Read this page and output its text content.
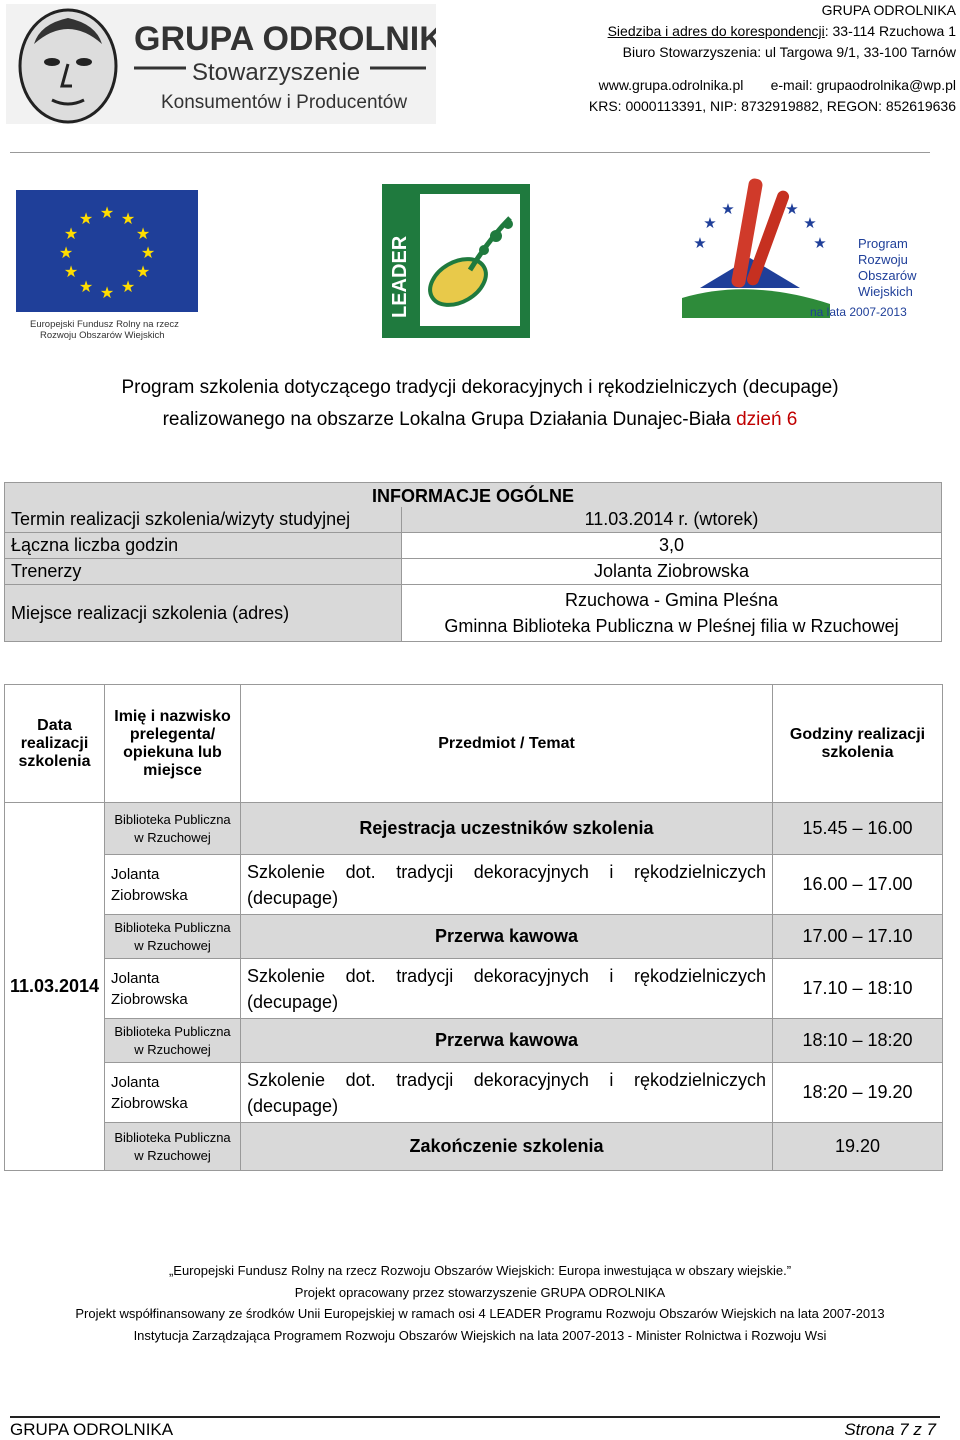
GRUPA ODROLNIKA
Stowarzyszenie
Konsumentów i Producentów
GRUPA ODROLNIKA
Siedziba i adres do korespondencji: 33-114 Rzuchowa 1
Biuro Stowarzyszenia: ul Targowa 9/1, 33-100 Tarnów
www.grupa.odrolnika.pl e-mail: grupaodrolnika@wp.pl
KRS: 0000113391, NIP: 8732919882, REGON: 852619636
★ ★
★
★
★
★
★
★
★
★
★
★
Europejski Fundusz Rolny na rzecz
Rozwoju Obszarów Wiejskich
LEADER	★
★
★	★
★
★ Program
Rozwoju
Obszarów
Wiejskich
na lata 2007-2013
Program szkolenia dotyczącego tradycji dekoracyjnych i rękodzielniczych (decupage)
realizowanego na obszarze Lokalna Grupa Działania Dunajec-Biała dzień 6
INFORMACJE OGÓLNE	
Termin realizacji szkolenia/wizyty studyjnej	11.03.2014 r. (wtorek)
Łączna liczba godzin	3,0
Trenerzy	Jolanta Ziobrowska
Miejsce realizacji szkolenia (adres)	Rzuchowa - Gmina Pleśna
Gminna Biblioteka Publiczna w Pleśnej filia w Rzuchowej
Data realizacji szkolenia	Imię i nazwisko prelegenta/ opiekuna lub miejsce	Przedmiot / Temat	Godziny realizacji szkolenia
11.03.2014	Biblioteka Publiczna w Rzuchowej	Rejestracja uczestników szkolenia	15.45 – 16.00
	Jolanta Ziobrowska	Szkolenie dot. tradycji dekoracyjnych i rękodzielniczych
(decupage)	16.00 – 17.00
	Biblioteka Publiczna w Rzuchowej	Przerwa kawowa	17.00 – 17.10
	Jolanta Ziobrowska	Szkolenie dot. tradycji dekoracyjnych i rękodzielniczych
(decupage)	17.10 – 18:10
	Biblioteka Publiczna w Rzuchowej	Przerwa kawowa	18:10 – 18:20
	Jolanta Ziobrowska	Szkolenie dot. tradycji dekoracyjnych i rękodzielniczych
(decupage)	18:20 – 19.20
	Biblioteka Publiczna w Rzuchowej	Zakończenie szkolenia	19.20
„Europejski Fundusz Rolny na rzecz Rozwoju Obszarów Wiejskich: Europa inwestująca w obszary wiejskie.”
Projekt opracowany przez stowarzyszenie GRUPA ODROLNIKA
Projekt współfinansowany ze środków Unii Europejskiej w ramach osi 4 LEADER Programu Rozwoju Obszarów Wiejskich na lata 2007-2013
Instytucja Zarządzająca Programem Rozwoju Obszarów Wiejskich na lata 2007-2013 - Minister Rolnictwa i Rozwoju Wsi
GRUPA ODROLNIKA	Strona 7 z 7
